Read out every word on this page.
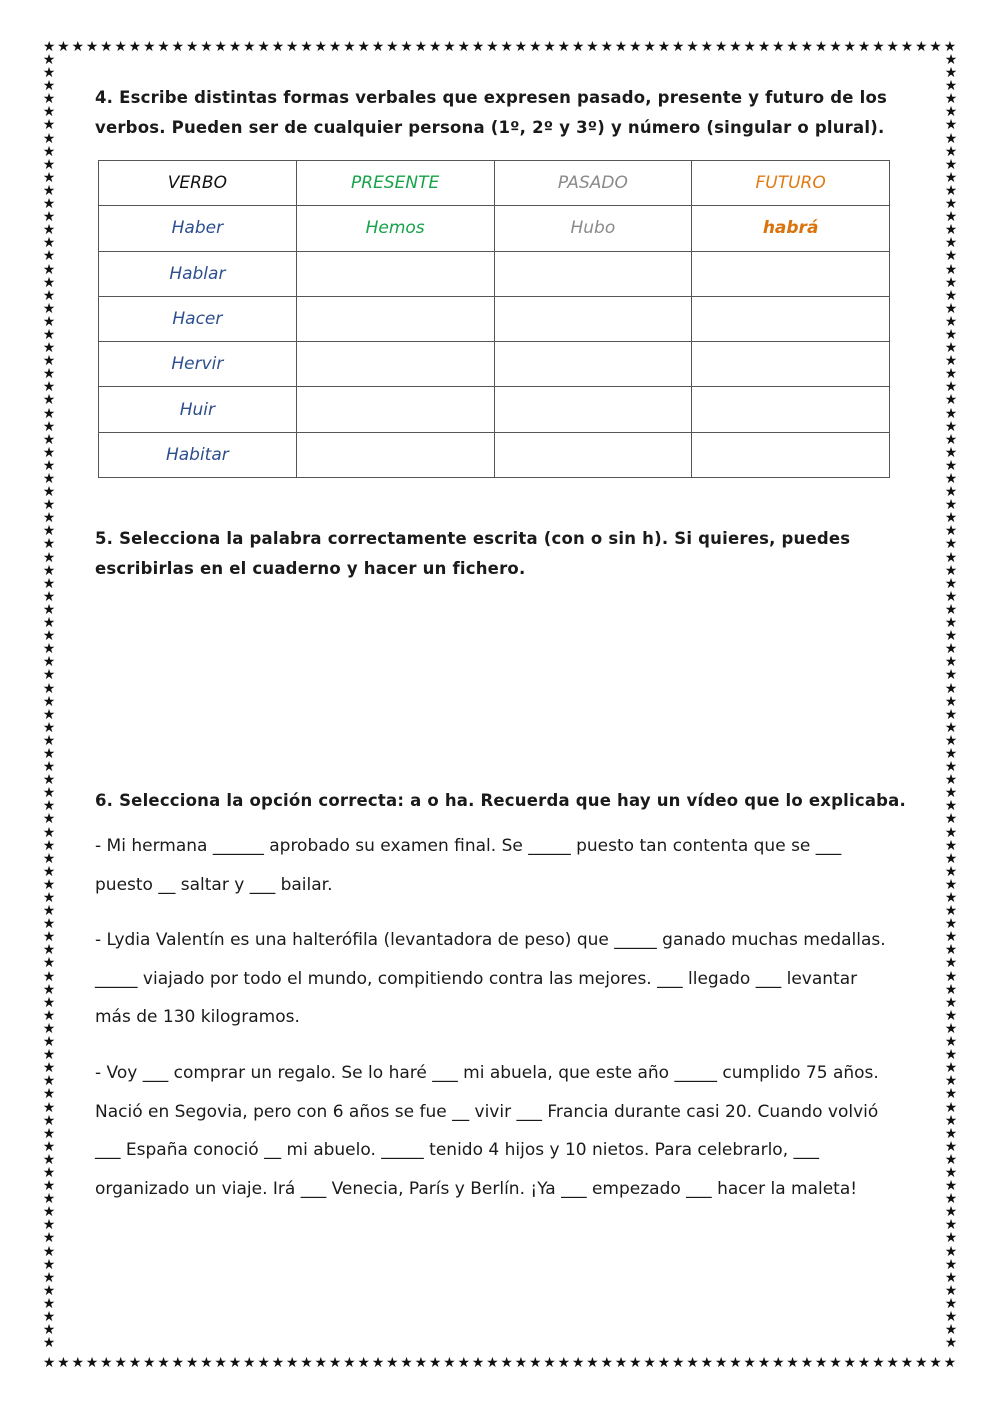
★ ★ ★ ★ ★ ★ ★ ★ ★ ★ ★ ★ ★ ★ ★ ★ ★ ★ ★ ★ ★ ★ ★ ★ ★ ★ ★ ★ ★ ★ ★ ★ ★ ★ ★ ★ ★ ★ ★ ★ ★ ★ ★ ★ ★ ★ ★ ★ ★ ★ ★ ★ ★ ★ ★ ★ ★ ★ ★ ★ ★ ★ ★ ★
★ ★ ★ ★ ★ ★ ★ ★ ★ ★ ★ ★ ★ ★ ★ ★ ★ ★ ★ ★ ★ ★ ★ ★ ★ ★ ★ ★ ★ ★ ★ ★ ★ ★ ★ ★ ★ ★ ★ ★ ★ ★ ★ ★ ★ ★ ★ ★ ★ ★ ★ ★ ★ ★ ★ ★ ★ ★ ★ ★ ★ ★ ★ ★
★
★
★
★
★
★
★
★
★
★
★
★
★
★
★
★
★
★
★
★
★
★
★
★
★
★
★
★
★
★
★
★
★
★
★
★
★
★
★
★
★
★
★
★
★
★
★
★
★
★
★
★
★
★
★
★
★
★
★
★
★
★
★
★
★
★
★
★
★
★
★
★
★
★
★
★
★
★
★
★
★
★
★
★
★
★
★
★
★
★
★
★
★
★
★
★
★
★
★
★
★
★
★
★
★
★
★
★
★
★
★
★
★
★
★
★
★
★
★
★
★
★
★
★
★
★
★
★
★
★
★
★
★
★
★
★
★
★
★
★
★
★
★
★
★
★
★
★
★
★
★
★
★
★
★
★
★
★
★
★
★
★
★
★
★
★
★
★
★
★
★
★
★
★
★
★
★
★
★
★
★
★
★
★
★
★
★
★
★
★
★
★
★
★
★
★
★
★
4. Escribe distintas formas verbales que expresen pasado, presente y futuro de los
verbos. Pueden ser de cualquier persona (1º, 2º y 3º) y número (singular o plural).
VERBO	PRESENTE	PASADO	FUTURO
Haber	Hemos	Hubo	habrá
Hablar			
Hacer			
Hervir			
Huir			
Habitar			
5. Selecciona la palabra correctamente escrita (con o sin h). Si quieres, puedes
escribirlas en el cuaderno y hacer un fichero.
6. Selecciona la opción correcta: a o ha. Recuerda que hay un vídeo que lo explicaba.
- Mi hermana ______ aprobado su examen final. Se _____ puesto tan contenta que se ___
puesto __ saltar y ___ bailar.
- Lydia Valentín es una halterófila (levantadora de peso) que _____ ganado muchas medallas.
_____ viajado por todo el mundo, compitiendo contra las mejores. ___ llegado ___ levantar
más de 130 kilogramos.
- Voy ___ comprar un regalo. Se lo haré ___ mi abuela, que este año _____ cumplido 75 años.
Nació en Segovia, pero con 6 años se fue __ vivir ___ Francia durante casi 20. Cuando volvió
___ España conoció __ mi abuelo. _____ tenido 4 hijos y 10 nietos. Para celebrarlo, ___
organizado un viaje. Irá ___ Venecia, París y Berlín. ¡Ya ___ empezado ___ hacer la maleta!
